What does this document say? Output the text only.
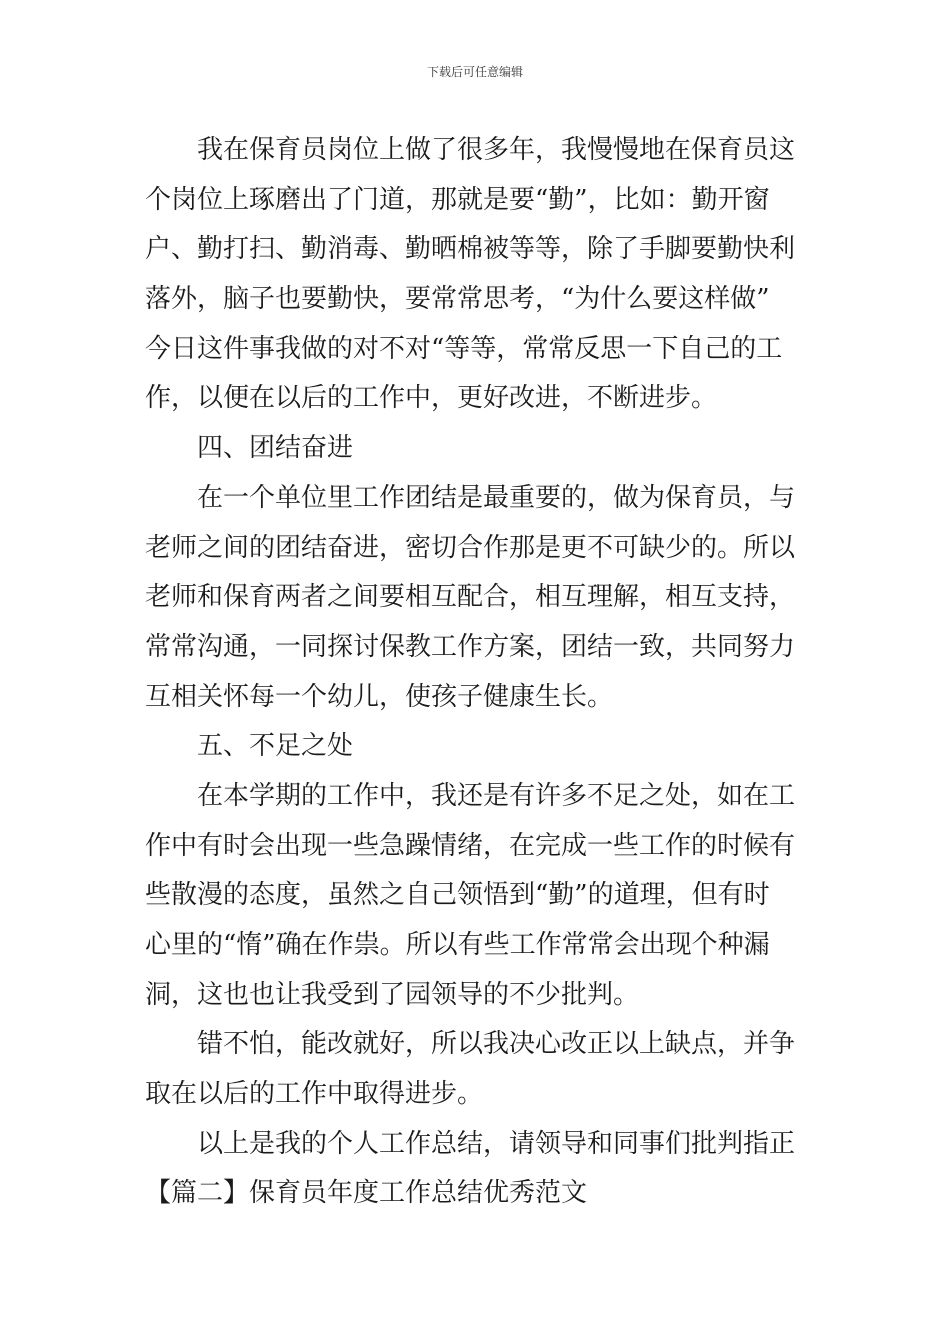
下载后可任意编辑
我在保育员岗位上做了很多年，我慢慢地在保育员这
个岗位上琢磨出了门道，那就是要“勤”，比如：勤开窗
户、勤打扫、勤消毒、勤晒棉被等等，除了手脚要勤快利
落外，脑子也要勤快，要常常思考，“为什么要这样做”
今日这件事我做的对不对“等等，常常反思一下自己的工
作，以便在以后的工作中，更好改进，不断进步。
四、团结奋进
在一个单位里工作团结是最重要的，做为保育员，与
老师之间的团结奋进，密切合作那是更不可缺少的。所以
老师和保育两者之间要相互配合，相互理解，相互支持，
常常沟通，一同探讨保教工作方案，团结一致，共同努力
互相关怀每一个幼儿，使孩子健康生长。
五、不足之处
在本学期的工作中，我还是有许多不足之处，如在工
作中有时会出现一些急躁情绪，在完成一些工作的时候有
些散漫的态度，虽然之自己领悟到“勤”的道理，但有时
心里的“惰”确在作祟。所以有些工作常常会出现个种漏
洞，这也也让我受到了园领导的不少批判。
错不怕，能改就好，所以我决心改正以上缺点，并争
取在以后的工作中取得进步。
以上是我的个人工作总结，请领导和同事们批判指正
【篇二】保育员年度工作总结优秀范文
